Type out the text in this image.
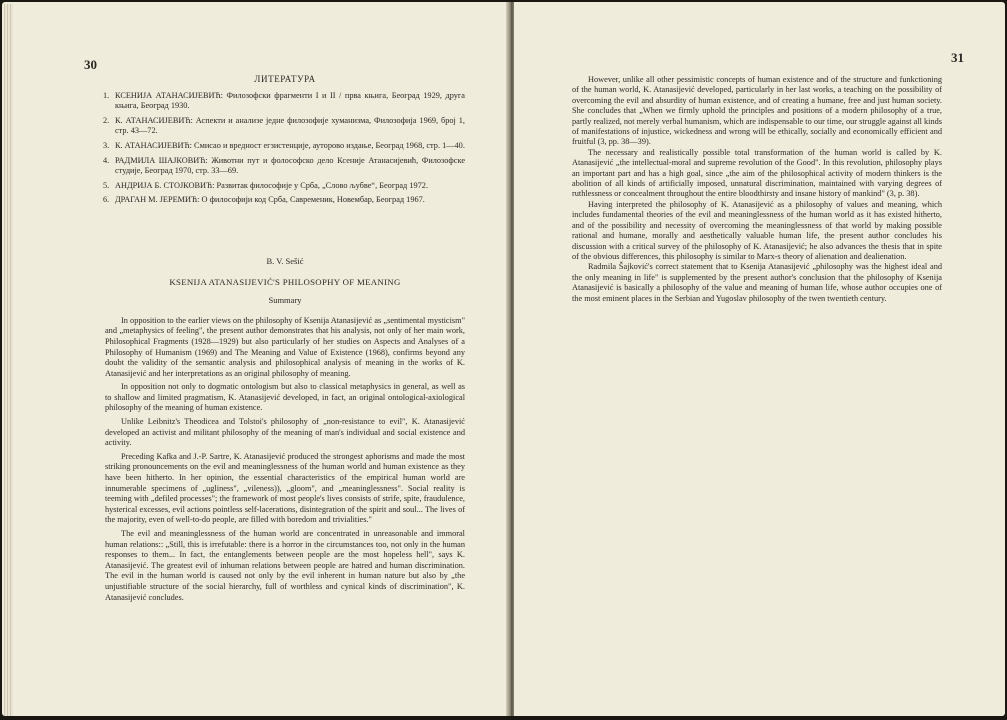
30
ЛИТЕРАТУРА
1. КСЕНИЈА АТАНАСИЈЕВИЋ: Филозофски фрагменти I и II / прва књига, Београд 1929, друга књига, Београд 1930.
2. К. АТАНАСИЈЕВИЋ: Аспекти и анализе једне филозофије хуманизма, Филозофија 1969, број 1, стр. 43—72.
3. К. АТАНАСИЈЕВИЋ: Смисао и вредност егзистенције, ауторово издање, Београд 1968, стр. 1—40.
4. РАДМИЛА ШАЈКОВИЋ: Животни пут и фолософско дело Ксеније Атанасијевић, Филозофске студије, Београд 1970, стр. 33—69.
5. АНДРИЈА Б. СТОЈКОВИЋ: Развитак философије у Срба, „Слово љубве“, Београд 1972.
6. ДРАГАН М. ЈЕРЕМИЋ: О философији код Срба, Савременик, Новембар, Београд 1967.
B. V. Sešić
KSENIJA ATANASIJEVIĆ'S PHILOSOPHY OF MEANING
Summary

In opposition to the earlier views on the philosophy of Ksenija Atanasijević as „sentimental mysticism" and „metaphysics of feeling", the present author demonstrates that his analysis, not only of her main work, Philosophical Fragments (1928—1929) but also particularly of her studies on Aspects and Analyses of a Philosophy of Humanism (1969) and The Meaning and Value of Existence (1968), confirms beyond any doubt the validity of the semantic analysis and philosophical analysis of meaning in the works of K. Atanasijević and her interpretations as an original philosophy of meaning.

In opposition not only to dogmatic ontologism but also to classical metaphysics in general, as well as to shallow and limited pragmatism, K. Atanasijević developed, in fact, an original ontological-axiological philosophy of the meaning of human existence.

Unlike Leibnitz's Theodicea and Tolstoi's philosophy of „non-resistance to evil", K. Atanasijević developed an activist and militant philosophy of the meaning of man's individual and social existence and activity.

Preceding Kafka and J.-P. Sartre, K. Atanasijević produced the strongest aphorisms and made the most striking pronouncements on the evil and meaninglessness of the human world and human existence as they have been hitherto. In her opinion, the essential characteristics of the empirical human world are innumerable specimens of „ugliness", „vileness)), „gloom", and „meaninglessness". Social reality is teeming with „defiled processes"; the framework of most people's lives consists of strife, spite, fraudulence, hysterical excesses, evil actions pointless self-lacerations, disintegration of the spirit and soul... The lives of the majority, even of well-to-do people, are filled with boredom and trivialities."

The evil and meaninglessness of the human world are concentrated in unreasonable and immoral human relations:: „Still, this is irrefutable: there is a horror in the circumstances too, not only in the human responses to them... In fact, the entanglements between people are the most hopeless hell", says K. Atanasijević. The greatest evil of inhuman relations between people are hatred and human discrimination. The evil in the human world is caused not only by the evil inherent in human nature but also by „the unjustifiable structure of the social hierarchy, full of worthless and cynical kinds of discrimination", K. Atanasijević concludes.

31

However, unlike all other pessimistic concepts of human existence and of the structure and funkctioning of the human world, K. Atanasijević developed, particularly in her last works, a teaching on the possibility of overcoming the evil and absurdity of human existence, and of creating a humane, free and just human society. She concludes that „When we firmly uphold the principles and positions of a modern philosophy of a true, partly realized, not merely verbal humanism, which are indispensable to our time, our struggle against all kinds of manifestations of injustice, wickedness and wrong will be ethically, socially and economically efficient and fruitful (3, pp. 38—39).

The necessary and realistically possible total transformation of the human world is called by K. Atanasijević „the intellectual-moral and supreme revolution of the Good". In this revolution, philosophy plays an important part and has a high goal, since „the aim of the philosophical activity of modern thinkers is the abolition of all kinds of artificially imposed, unnatural discrimination, maintained with varying degrees of ruthlessness or concealment throughout the entire bloodthirsty and insane history of mankind" (3, p. 38).

Having interpreted the philosophy of K. Atanasijević as a philosophy of values and meaning, which includes fundamental theories of the evil and meaninglessness of the human world as it has existed hitherto, and of the possibility and necessity of overcoming the meaninglessness of that world by making possible rational and humane, morally and aesthetically valuable human life, the present author concludes his discussion with a critical survey of the philosophy of K. Atanasijević; he also advances the thesis that in spite of the obvious differences, this philosophy is similar to Marx-s theory of alienation and dealienation.

Radmila Šajković's correct statement that to Ksenija Atanasijević „philosophy was the highest ideal and the only meaning in life" is supplemented by the present author's conclusion that the philosophy of Ksenija Atanasijević is basically a philosophy of the value and meaning of human life, whose author occupies one of the most eminent places in the Serbian and Yugoslav philosophy of the twen twentieth century.
